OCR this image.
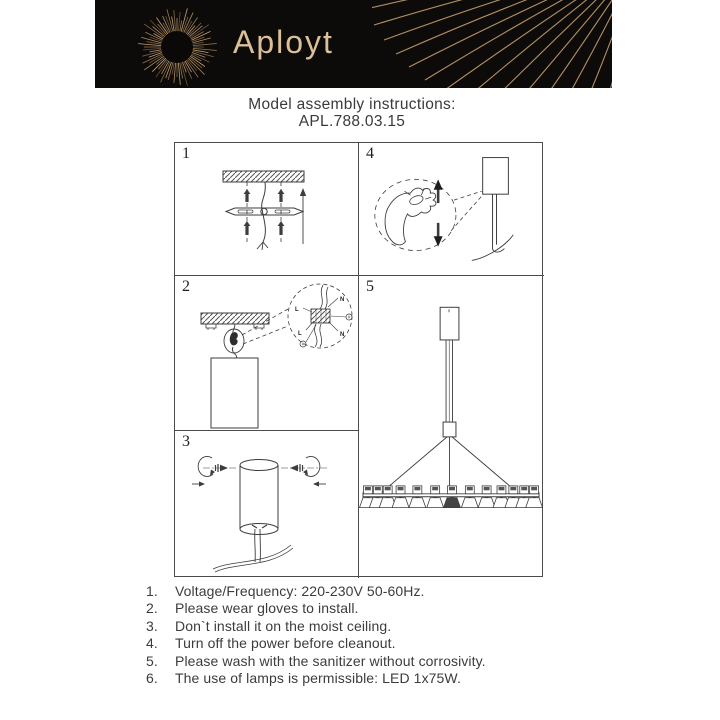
Aployt
Model assembly instructions:
APL.788.03.15
1	4
2
N
L
L	N
5
3
1.	Voltage/Frequency: 220-230V 50-60Hz.
2.	Please wear gloves to install.
3.	Don`t install it on the moist ceiling.
4.	Turn off the power before cleanout.
5.	Please wash with the sanitizer without corrosivity.
6.	The use of lamps is permissible: LED 1x75W.
